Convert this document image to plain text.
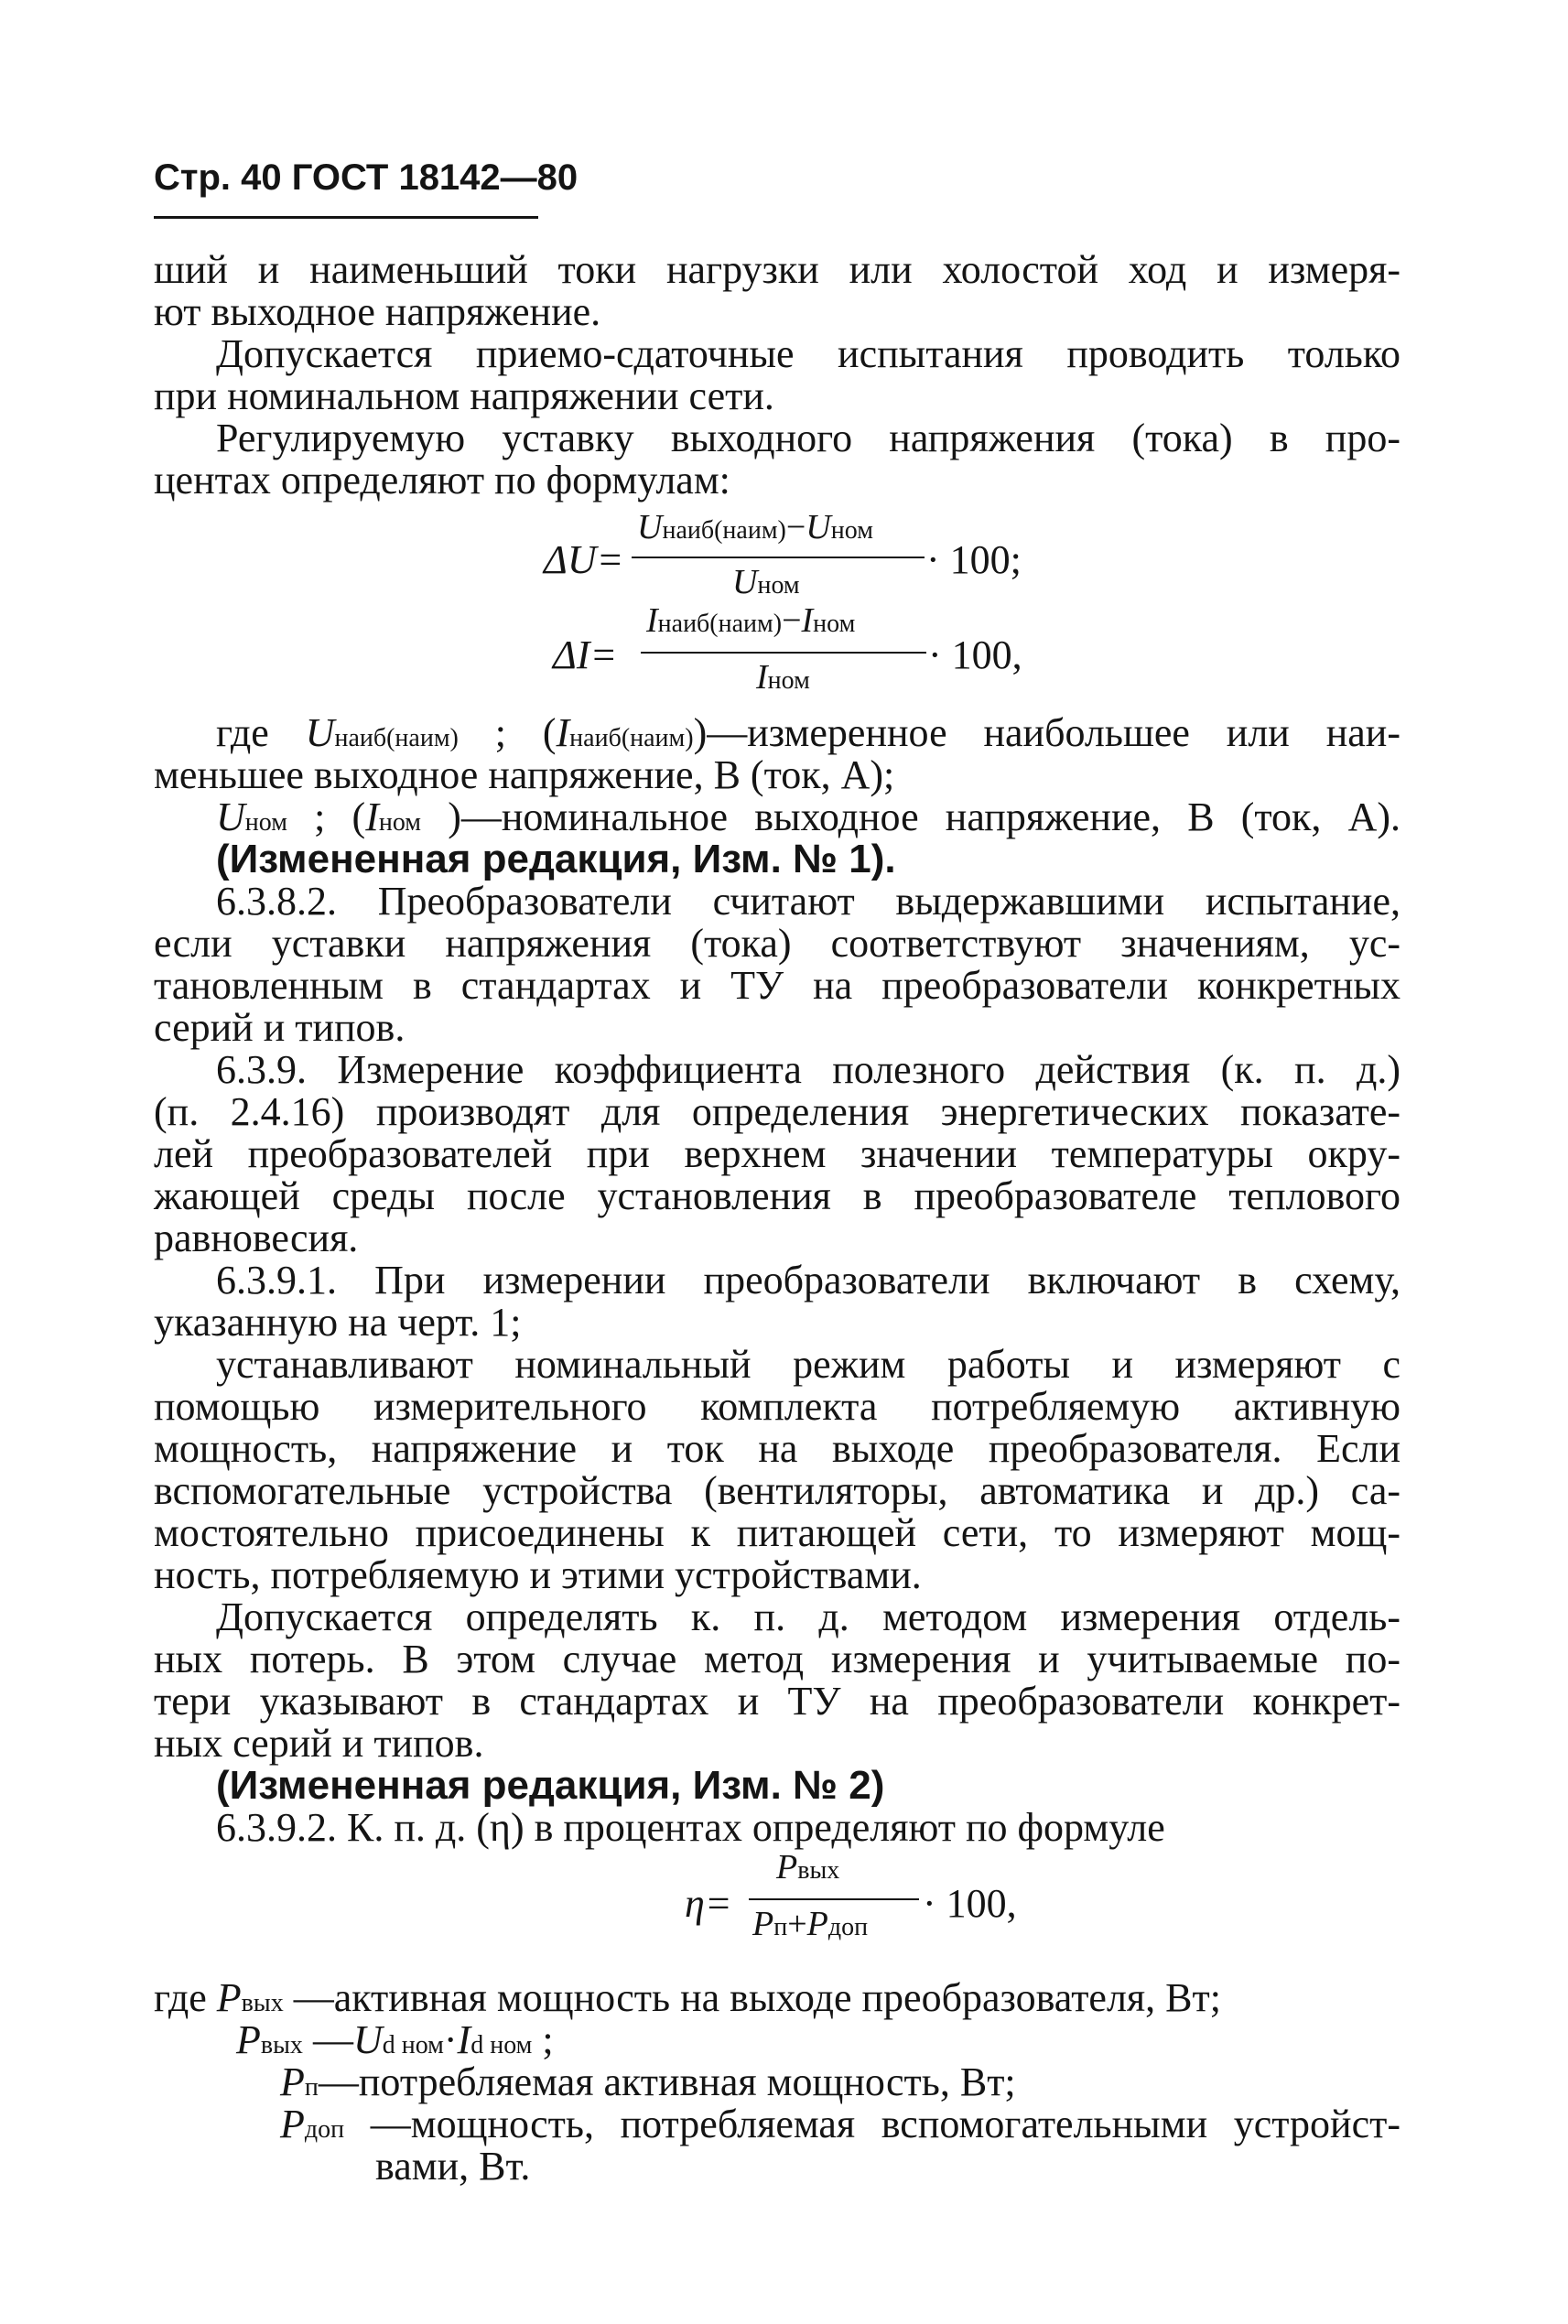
Стр. 40 ГОСТ 18142—80
ший и наименьший токи нагрузки или холостой ход и измеря-
ют выходное напряжение.
Допускается приемо-сдаточные испытания проводить только
при номинальном напряжении сети.
Регулируемую уставку выходного напряжения (тока) в про-
центах определяют по формулам:
ΔU=
Uнаиб(наим)−Uном
Uном
· 100;
ΔI=
Iнаиб(наим)−Iном
Iном
· 100,
где Uнаиб(наим) ; (Iнаиб(наим))—измеренное наибольшее или наи-
меньшее выходное напряжение, В (ток, А);
Uном ; (Iном )—номинальное выходное напряжение, В (ток, А).
(Измененная редакция, Изм. № 1).
6.3.8.2. Преобразователи считают выдержавшими испытание,
если уставки напряжения (тока) соответствуют значениям, ус-
тановленным в стандартах и ТУ на преобразователи конкретных
серий и типов.
6.3.9. Измерение коэффициента полезного действия (к. п. д.)
(п. 2.4.16) производят для определения энергетических показате-
лей преобразователей при верхнем значении температуры окру-
жающей среды после установления в преобразователе теплового
равновесия.
6.3.9.1. При измерении преобразователи включают в схему,
указанную на черт. 1;
устанавливают номинальный режим работы и измеряют с
помощью измерительного комплекта потребляемую активную
мощность, напряжение и ток на выходе преобразователя. Если
вспомогательные устройства (вентиляторы, автоматика и др.) са-
мостоятельно присоединены к питающей сети, то измеряют мощ-
ность, потребляемую и этими устройствами.
Допускается определять к. п. д. методом измерения отдель-
ных потерь. В этом случае метод измерения и учитываемые по-
тери указывают в стандартах и ТУ на преобразователи конкрет-
ных серий и типов.
(Измененная редакция, Изм. № 2)
6.3.9.2. К. п. д. (η) в процентах определяют по формуле
η=
Pвых
Pп+Pдоп
· 100,
где Pвых —активная мощность на выходе преобразователя, Вт;
Pвых —Ud ном·Id ном ;
Pп—потребляемая активная мощность, Вт;
Pдоп —мощность, потребляемая вспомогательными устройст-
вами, Вт.
